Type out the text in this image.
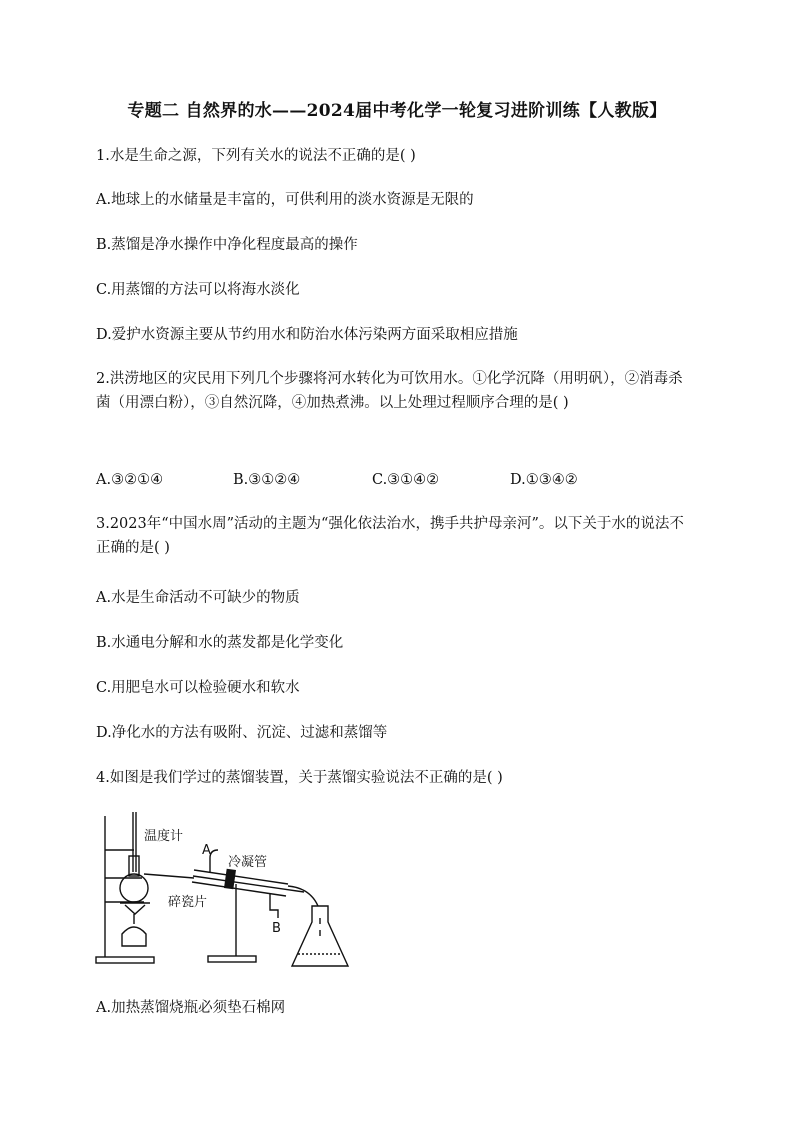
专题二 自然界的水——2024届中考化学一轮复习进阶训练【人教版】
1.水是生命之源，下列有关水的说法不正确的是( )
A.地球上的水储量是丰富的，可供利用的淡水资源是无限的
B.蒸馏是净水操作中净化程度最高的操作
C.用蒸馏的方法可以将海水淡化
D.爱护水资源主要从节约用水和防治水体污染两方面采取相应措施
2.洪涝地区的灾民用下列几个步骤将河水转化为可饮用水。①化学沉降（用明矾），②消毒杀菌（用漂白粉），③自然沉降，④加热煮沸。以上处理过程顺序合理的是( )
A.③②①④	B.③①②④	C.③①④②	D.①③④②
3.2023年“中国水周”活动的主题为“强化依法治水，携手共护母亲河”。以下关于水的说法不正确的是( )
A.水是生命活动不可缺少的物质
B.水通电分解和水的蒸发都是化学变化
C.用肥皂水可以检验硬水和软水
D.净化水的方法有吸附、沉淀、过滤和蒸馏等
4.如图是我们学过的蒸馏装置，关于蒸馏实验说法不正确的是( )
温度计
A
冷凝管
碎瓷片
B
A.加热蒸馏烧瓶必须垫石棉网
